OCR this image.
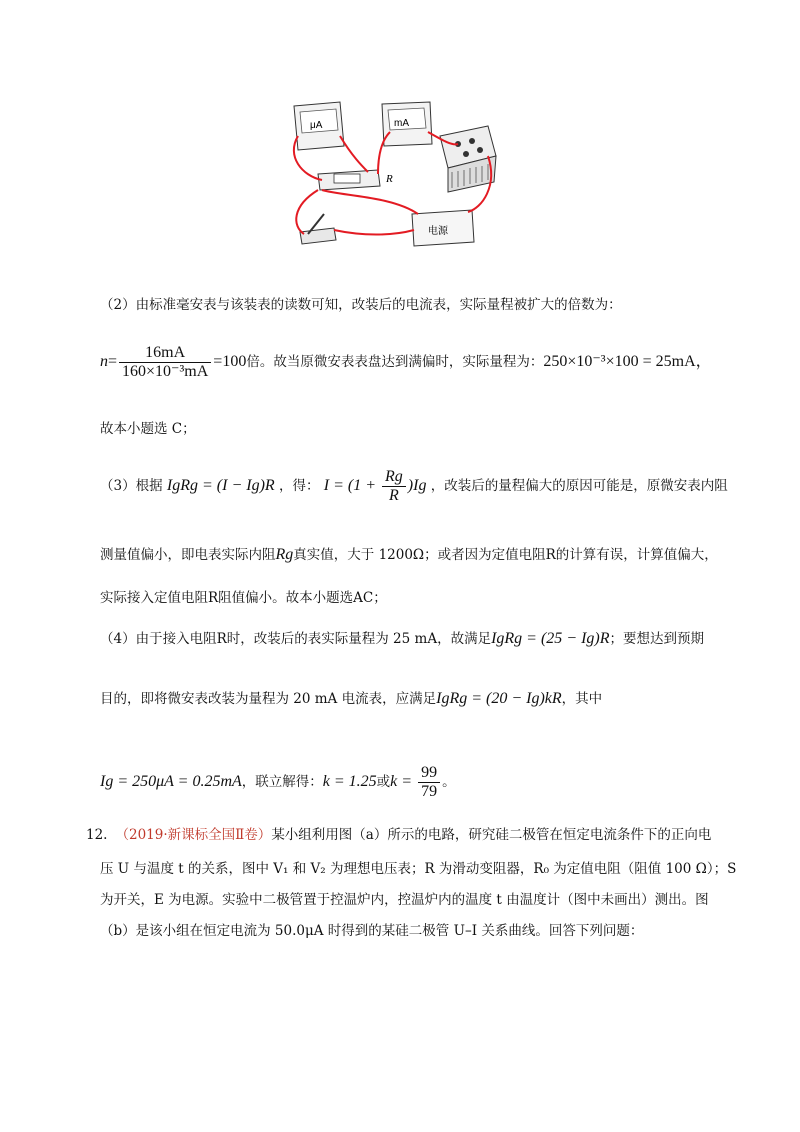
μA	mA
R
电源
（2）由标准毫安表与该装表的读数可知，改装后的电流表，实际量程被扩大的倍数为：
$n= \frac{16mA}{\text{160×10⁻³mA}} =100$倍。故当原微安表表盘达到满偏时，实际量程为：250×10⁻³×100 = 25mA，
故本小题选 C；
（3）根据 IgRg = (I − Ig)R ，得： $I = (1 + \frac{Rg}{R} )Ig$ ，改装后的量程偏大的原因可能是，原微安表内阻
测量值偏小，即电表实际内阻Rg真实值，大于 1200Ω；或者因为定值电阻R的计算有误，计算值偏大，
实际接入定值电阻R阻值偏小。故本小题选AC；
（4）由于接入电阻R时，改装后的表实际量程为 25 mA，故满足IgRg = (25 − Ig)R；要想达到预期
目的，即将微安表改装为量程为 20 mA 电流表，应满足IgRg = (20 − Ig)kR，其中
Ig = 250μA = 0.25mA，联立解得：k = 1.25或$k = \frac{99}{79}$ 。
12. （2019·新课标全国Ⅱ卷）某小组利用图（a）所示的电路，研究硅二极管在恒定电流条件下的正向电
压 U 与温度 t 的关系，图中 V₁ 和 V₂ 为理想电压表；R 为滑动变阻器，R₀ 为定值电阻（阻值 100 Ω）；S
为开关，E 为电源。实验中二极管置于控温炉内，控温炉内的温度 t 由温度计（图中未画出）测出。图
（b）是该小组在恒定电流为 50.0μA 时得到的某硅二极管 U–I 关系曲线。回答下列问题：
